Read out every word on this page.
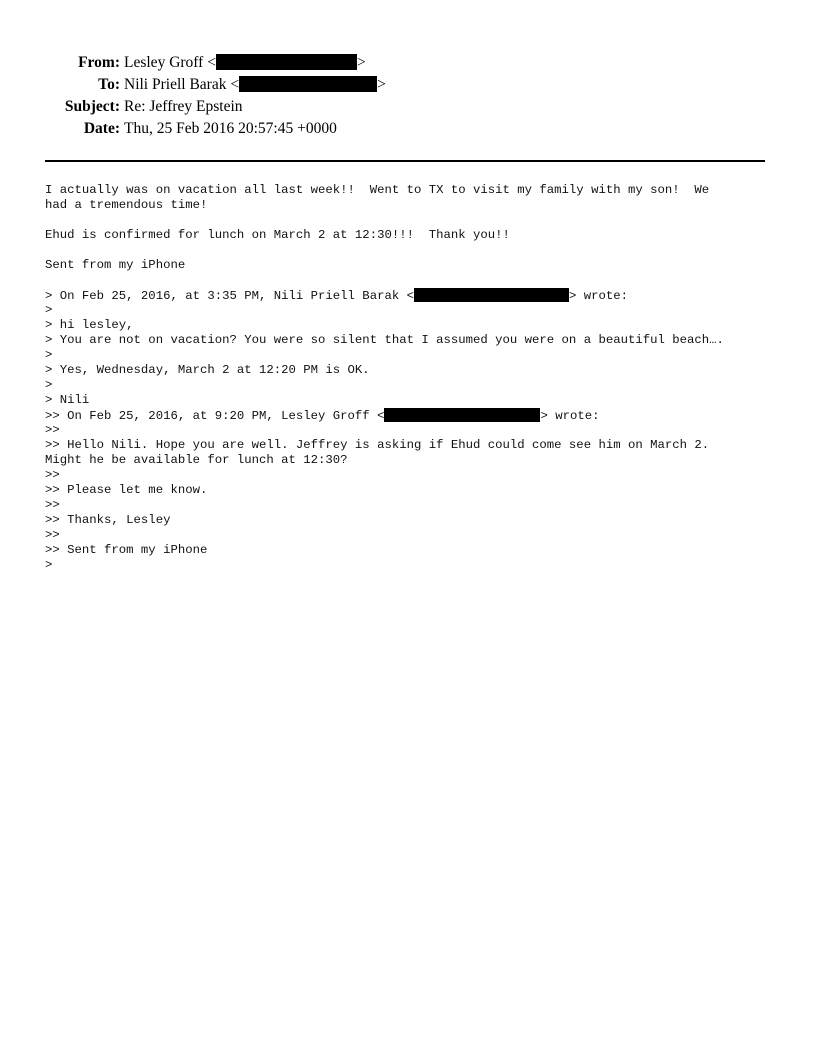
From: Lesley Groff <	>
To: Nili Priell Barak <	>
Subject: Re: Jeffrey Epstein
Date: Thu, 25 Feb 2016 20:57:45 +0000
I actually was on vacation all last week!!  Went to TX to visit my family with my son!  We
had a tremendous time!
Ehud is confirmed for lunch on March 2 at 12:30!!!  Thank you!!
Sent from my iPhone
> On Feb 25, 2016, at 3:35 PM, Nili Priell Barak <	> wrote:
>
> hi lesley,
> You are not on vacation? You were so silent that I assumed you were on a beautiful beach….
>
> Yes, Wednesday, March 2 at 12:20 PM is OK.
>
> Nili
>> On Feb 25, 2016, at 9:20 PM, Lesley Groff <	> wrote:
>>
>> Hello Nili. Hope you are well. Jeffrey is asking if Ehud could come see him on March 2.
Might he be available for lunch at 12:30?
>>
>> Please let me know.
>>
>> Thanks, Lesley
>>
>> Sent from my iPhone
>
